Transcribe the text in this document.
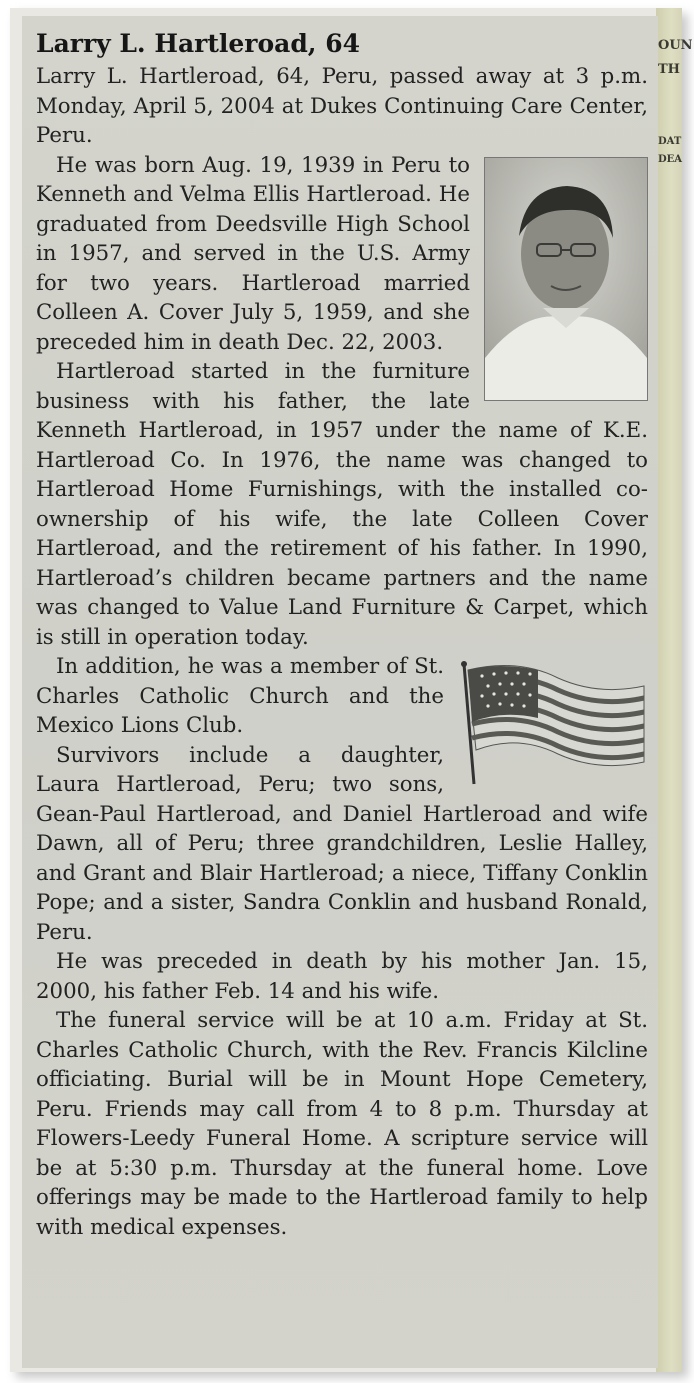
OUN
TH
DAT
DEA
Larry L. Hartleroad, 64

Larry L. Hartleroad, 64, Peru, passed away at 3 p.m. Monday, April 5, 2004 at Dukes Continuing Care Center, Peru.

He was born Aug. 19, 1939 in Peru to Kenneth and Velma Ellis Hartleroad. He graduated from Deedsville High School in 1957, and served in the U.S. Army for two years. Hartleroad married Colleen A. Cover July 5, 1959, and she preceded him in death Dec. 22, 2003.

Hartleroad started in the furniture business with his father, the late Kenneth Hartleroad, in 1957 under the name of K.E. Hartleroad Co. In 1976, the name was changed to Hartleroad Home Furnishings, with the installed co-ownership of his wife, the late Colleen Cover Hartleroad, and the retirement of his father. In 1990, Hartleroad’s children became partners and the name was changed to Value Land Furniture & Carpet, which is still in operation today.

In addition, he was a member of St. Charles Catholic Church and the Mexico Lions Club.

Survivors include a daughter, Laura Hartleroad, Peru; two sons, Gean-Paul Hartleroad, and Daniel Hartleroad and wife Dawn, all of Peru; three grandchildren, Leslie Halley, and Grant and Blair Hartleroad; a niece, Tiffany Conklin Pope; and a sister, Sandra Conklin and husband Ronald, Peru.

He was preceded in death by his mother Jan. 15, 2000, his father Feb. 14 and his wife.

The funeral service will be at 10 a.m. Friday at St. Charles Catholic Church, with the Rev. Francis Kilcline officiating. Burial will be in Mount Hope Cemetery, Peru. Friends may call from 4 to 8 p.m. Thursday at Flowers-Leedy Funeral Home. A scripture service will be at 5:30 p.m. Thursday at the funeral home. Love offerings may be made to the Hartleroad family to help with medical expenses.
